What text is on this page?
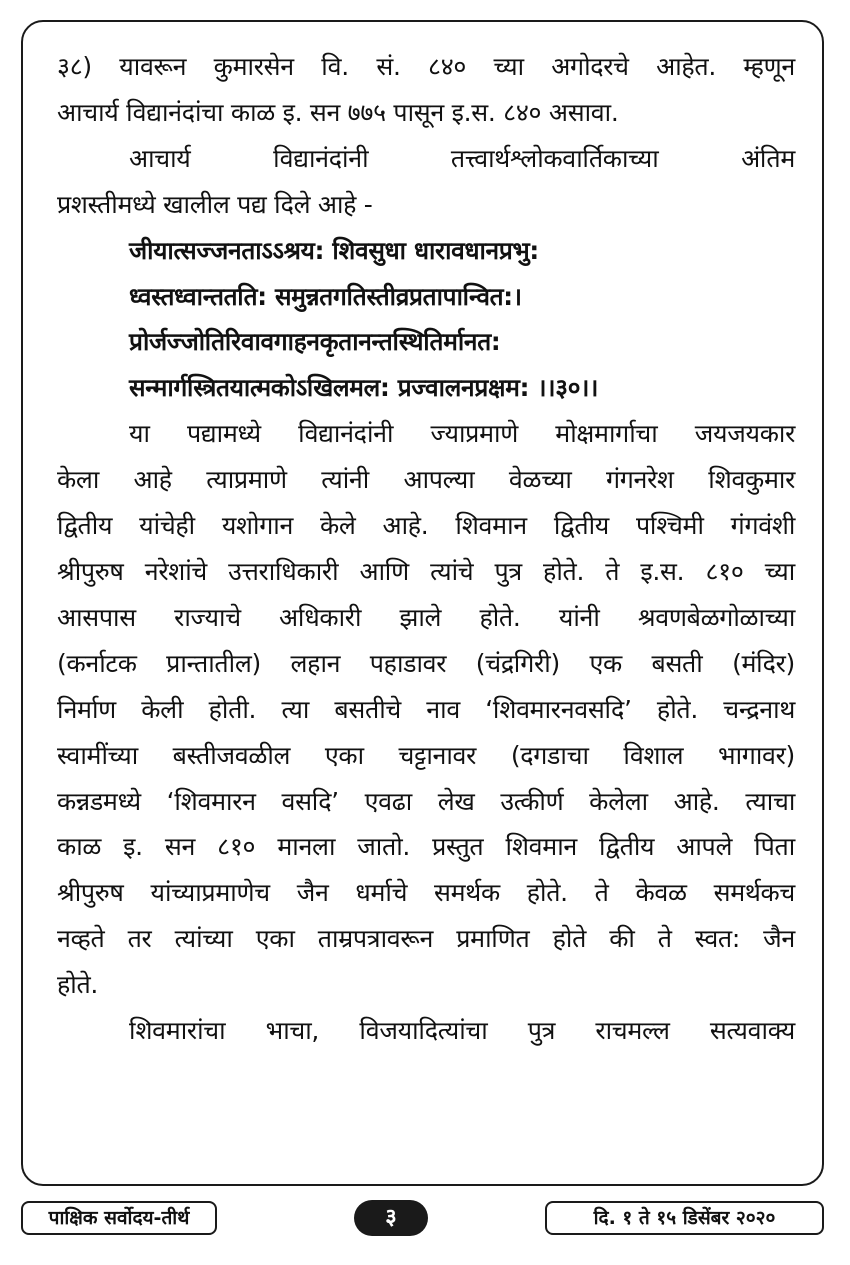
३८) यावरून कुमारसेन वि. सं. ८४० च्या अगोदरचे आहेत. म्हणून
आचार्य विद्यानंदांचा काळ इ. सन ७७५ पासून इ.स. ८४० असावा.

आचार्य विद्यानंदांनी तत्त्वार्थश्लोकवार्तिकाच्या अंतिम
प्रशस्तीमध्ये खालील पद्य दिले आहे -

जीयात्सज्जनताऽऽश्रय: शिवसुधा धारावधानप्रभु:
ध्वस्तध्वान्ततति: समुन्नतगतिस्तीव्रप्रतापान्वित:।
प्रोर्जज्जोतिरिवावगाहनकृतानन्तस्थितिर्मानत:
सन्मार्गस्त्रितयात्मकोऽखिलमल: प्रज्वालनप्रक्षम: ।।३०।।

या पद्यामध्ये विद्यानंदांनी ज्याप्रमाणे मोक्षमार्गाचा जयजयकार
केला आहे त्याप्रमाणे त्यांनी आपल्या वेळच्या गंगनरेश शिवकुमार
द्वितीय यांचेही यशोगान केले आहे. शिवमान द्वितीय पश्चिमी गंगवंशी
श्रीपुरुष नरेशांचे उत्तराधिकारी आणि त्यांचे पुत्र होते. ते इ.स. ८१० च्या
आसपास राज्याचे अधिकारी झाले होते. यांनी श्रवणबेळगोळाच्या
(कर्नाटक प्रान्तातील) लहान पहाडावर (चंद्रगिरी) एक बसती (मंदिर)
निर्माण केली होती. त्या बसतीचे नाव ‘शिवमारनवसदि’ होते. चन्द्रनाथ
स्वामींच्या बस्तीजवळील एका चट्टानावर (दगडाचा विशाल भागावर)
कन्नडमध्ये ‘शिवमारन वसदि’ एवढा लेख उत्कीर्ण केलेला आहे. त्याचा
काळ इ. सन ८१० मानला जातो. प्रस्तुत शिवमान द्वितीय आपले पिता
श्रीपुरुष यांच्याप्रमाणेच जैन धर्माचे समर्थक होते. ते केवळ समर्थकच
नव्हते तर त्यांच्या एका ताम्रपत्रावरून प्रमाणित होते की ते स्वत: जैन
होते.

शिवमारांचा भाचा, विजयादित्यांचा पुत्र राचमल्ल सत्यवाक्य

पाक्षिक सर्वोदय-तीर्थ	३	दि. १ ते १५ डिसेंबर २०२०
